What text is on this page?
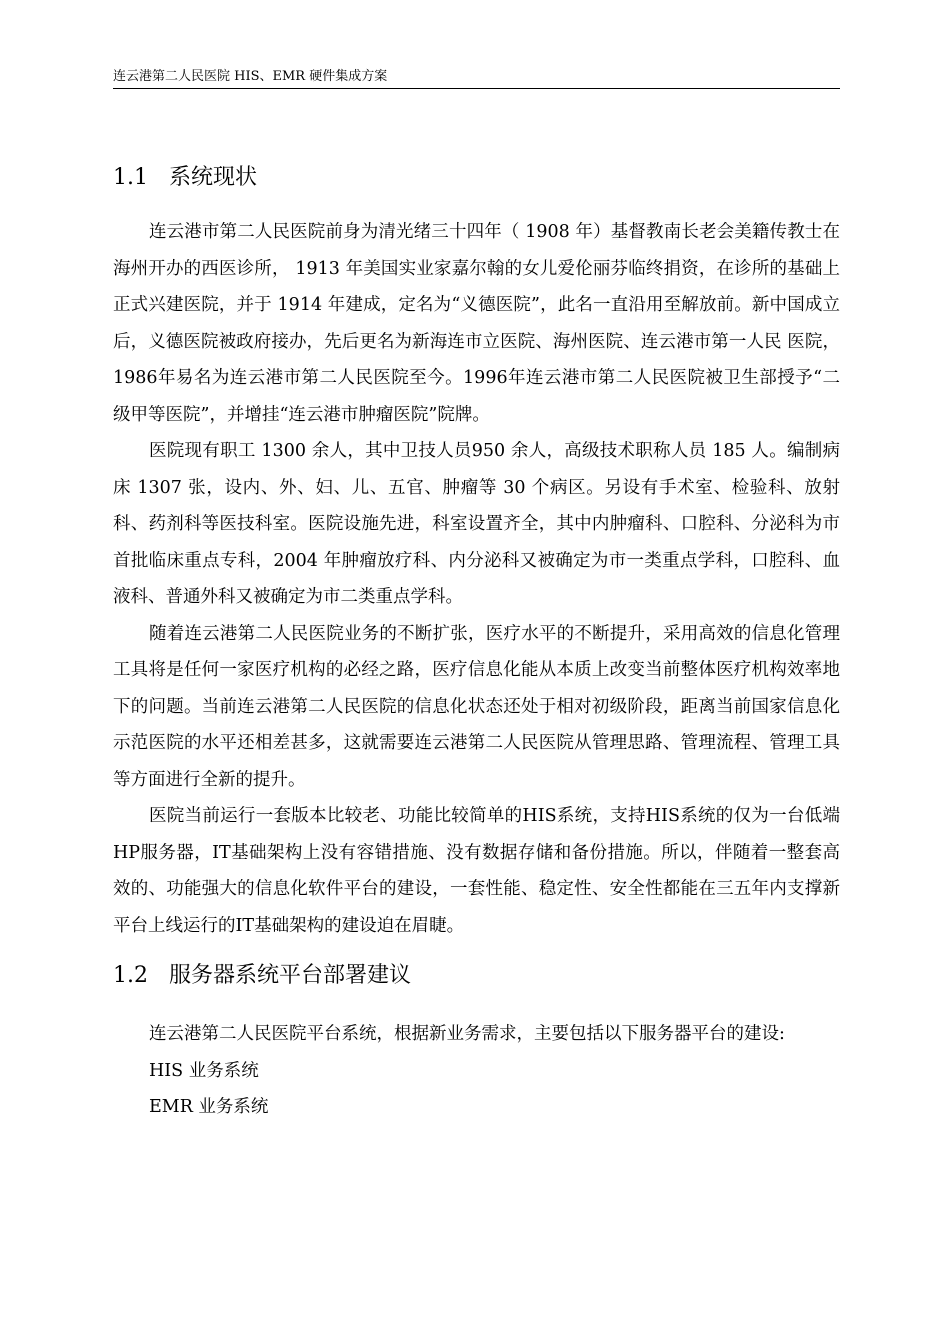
连云港第二人民医院 HIS、EMR 硬件集成方案
1.1 系统现状

连云港市第二人民医院前身为清光绪三十四年（ 1908 年）基督教南长老会美籍传教士在海州开办的西医诊所， 1913 年美国实业家嘉尔翰的女儿爱伦丽芬临终捐资，在诊所的基础上正式兴建医院，并于 1914 年建成，定名为“义德医院”，此名一直沿用至解放前。新中国成立后，义德医院被政府接办，先后更名为新海连市立医院、海州医院、连云港市第一人民 医院， 1986年易名为连云港市第二人民医院至今。1996年连云港市第二人民医院被卫生部授予“二级甲等医院”，并增挂“连云港市肿瘤医院”院牌。

医院现有职工 1300 余人，其中卫技人员950 余人，高级技术职称人员 185 人。编制病床 1307 张，设内、外、妇、儿、五官、肿瘤等 30 个病区。另设有手术室、检验科、放射科、药剂科等医技科室。医院设施先进，科室设置齐全，其中内肿瘤科、口腔科、分泌科为市首批临床重点专科，2004 年肿瘤放疗科、内分泌科又被确定为市一类重点学科，口腔科、血液科、普通外科又被确定为市二类重点学科。

随着连云港第二人民医院业务的不断扩张，医疗水平的不断提升，采用高效的信息化管理工具将是任何一家医疗机构的必经之路，医疗信息化能从本质上改变当前整体医疗机构效率地下的问题。当前连云港第二人民医院的信息化状态还处于相对初级阶段，距离当前国家信息化示范医院的水平还相差甚多，这就需要连云港第二人民医院从管理思路、管理流程、管理工具等方面进行全新的提升。

医院当前运行一套版本比较老、功能比较简单的HIS系统，支持HIS系统的仅为一台低端HP服务器，IT基础架构上没有容错措施、没有数据存储和备份措施。所以，伴随着一整套高效的、功能强大的信息化软件平台的建设，一套性能、稳定性、安全性都能在三五年内支撑新平台上线运行的IT基础架构的建设迫在眉睫。

1.2 服务器系统平台部署建议

连云港第二人民医院平台系统，根据新业务需求，主要包括以下服务器平台的建设:

HIS 业务系统

EMR 业务系统
